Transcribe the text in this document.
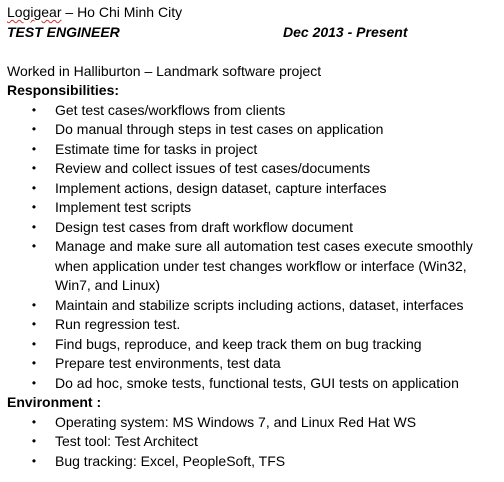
Logigear – Ho Chi Minh City
TEST ENGINEER	Dec 2013 - Present
Worked in Halliburton – Landmark software project
Responsibilities:
• Get test cases/workflows from clients
• Do manual through steps in test cases on application
• Estimate time for tasks in project
• Review and collect issues of test cases/documents
• Implement actions, design dataset, capture interfaces
• Implement test scripts
• Design test cases from draft workflow document
• Manage and make sure all automation test cases execute smoothly when application under test changes workflow or interface (Win32, Win7, and Linux)
• Maintain and stabilize scripts including actions, dataset, interfaces
• Run regression test.
• Find bugs, reproduce, and keep track them on bug tracking
• Prepare test environments, test data
• Do ad hoc, smoke tests, functional tests, GUI tests on application
Environment :
• Operating system: MS Windows 7, and Linux Red Hat WS
• Test tool: Test Architect
• Bug tracking: Excel, PeopleSoft, TFS
